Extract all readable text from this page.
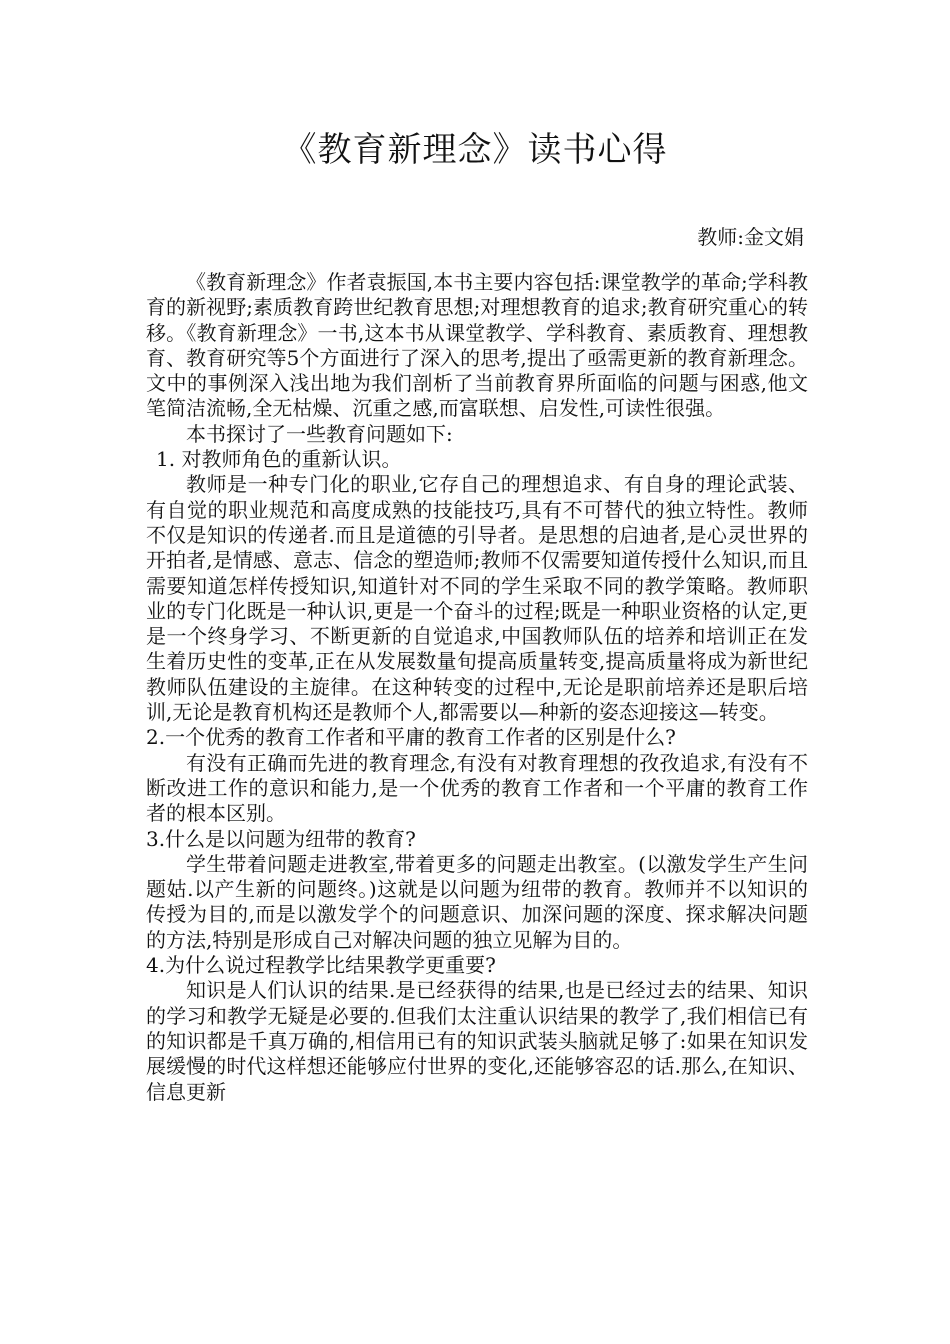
《教育新理念》读书心得

教师:金文娟

《教育新理念》作者袁振国,本书主要内容包括:课堂教学的革命;学科教育的新视野;素质教育跨世纪教育思想;对理想教育的追求;教育研究重心的转移。《教育新理念》一书,这本书从课堂教学、学科教育、素质教育、理想教育、教育研究等5个方面进行了深入的思考,提出了亟需更新的教育新理念。文中的事例深入浅出地为我们剖析了当前教育界所面临的问题与困惑,他文笔简洁流畅,全无枯燥、沉重之感,而富联想、启发性,可读性很强。

本书探讨了一些教育问题如下:

1. 对教师角色的重新认识。

教师是一种专门化的职业,它存自己的理想追求、有自身的理论武装、有自觉的职业规范和高度成熟的技能技巧,具有不可替代的独立特性。教师不仅是知识的传递者.而且是道德的引导者。是思想的启迪者,是心灵世界的开拍者,是情感、意志、信念的塑造师;教师不仅需要知道传授什么知识,而且需要知道怎样传授知识,知道针对不同的学生采取不同的教学策略。教师职业的专门化既是一种认识,更是一个奋斗的过程;既是一种职业资格的认定,更是一个终身学习、不断更新的自觉追求,中国教师队伍的培养和培训正在发生着历史性的变革,正在从发展数量旬提高质量转变,提高质量将成为新世纪教师队伍建设的主旋律。在这种转变的过程中,无论是职前培养还是职后培训,无论是教育机构还是教师个人,都需要以—种新的姿态迎接这—转变。

2.一个优秀的教育工作者和平庸的教育工作者的区别是什么?

有没有正确而先进的教育理念,有没有对教育理想的孜孜追求,有没有不断改进工作的意识和能力,是一个优秀的教育工作者和一个平庸的教育工作者的根本区别。

3.什么是以问题为纽带的教育?

学生带着问题走进教室,带着更多的问题走出教室。(以激发学生产生问题姑.以产生新的问题终。)这就是以问题为纽带的教育。教师并不以知识的传授为目的,而是以激发学个的问题意识、加深问题的深度、探求解决问题的方法,特别是形成自己对解决问题的独立见解为目的。

4.为什么说过程教学比结果教学更重要?

知识是人们认识的结果.是已经获得的结果,也是已经过去的结果、知识的学习和教学无疑是必要的.但我们太注重认识结果的教学了,我们相信已有的知识都是千真万确的,相信用已有的知识武装头脑就足够了:如果在知识发展缓慢的时代这样想还能够应付世界的变化,还能够容忍的话.那么,在知识、信息更新
